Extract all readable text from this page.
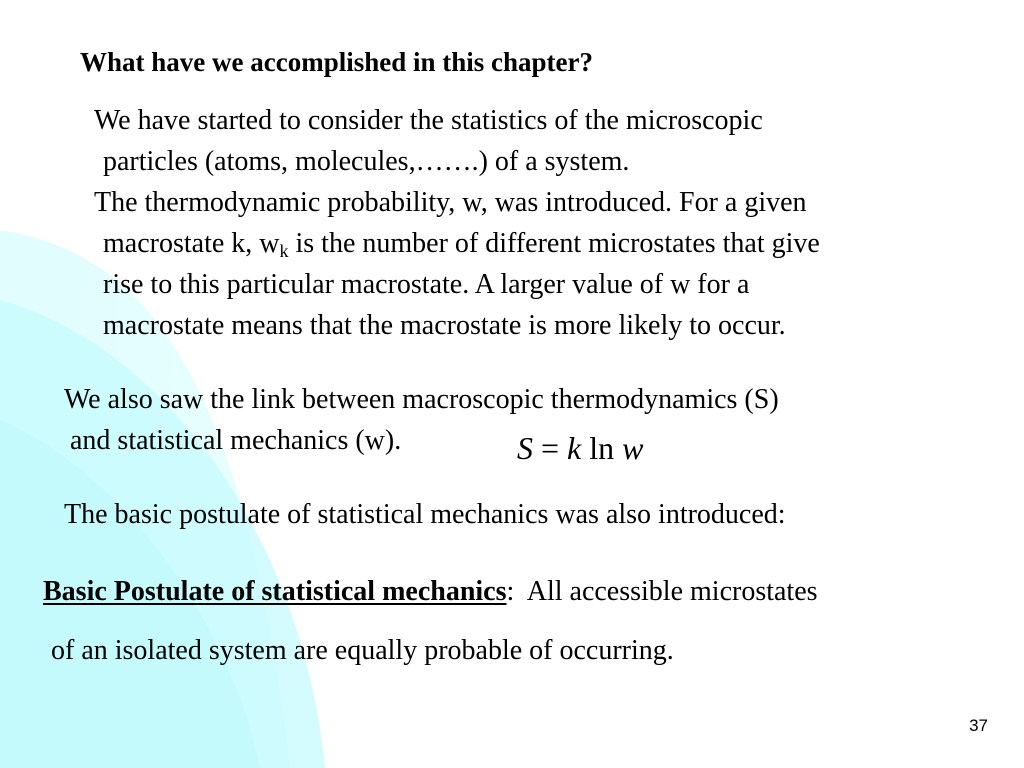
What have we accomplished in this chapter?
We have started to consider the statistics of the microscopic
particles (atoms, molecules,…….) of a system.
The thermodynamic probability, w, was introduced. For a given
macrostate k, $w_k$ is the number of different microstates that give
rise to this particular macrostate. A larger value of w for a
macrostate means that the macrostate is more likely to occur.
We also saw the link between macroscopic thermodynamics (S)
and statistical mechanics (w).	S = k ln w
The basic postulate of statistical mechanics was also introduced:
Basic Postulate of statistical mechanics:  All accessible microstates
of an isolated system are equally probable of occurring.
37
